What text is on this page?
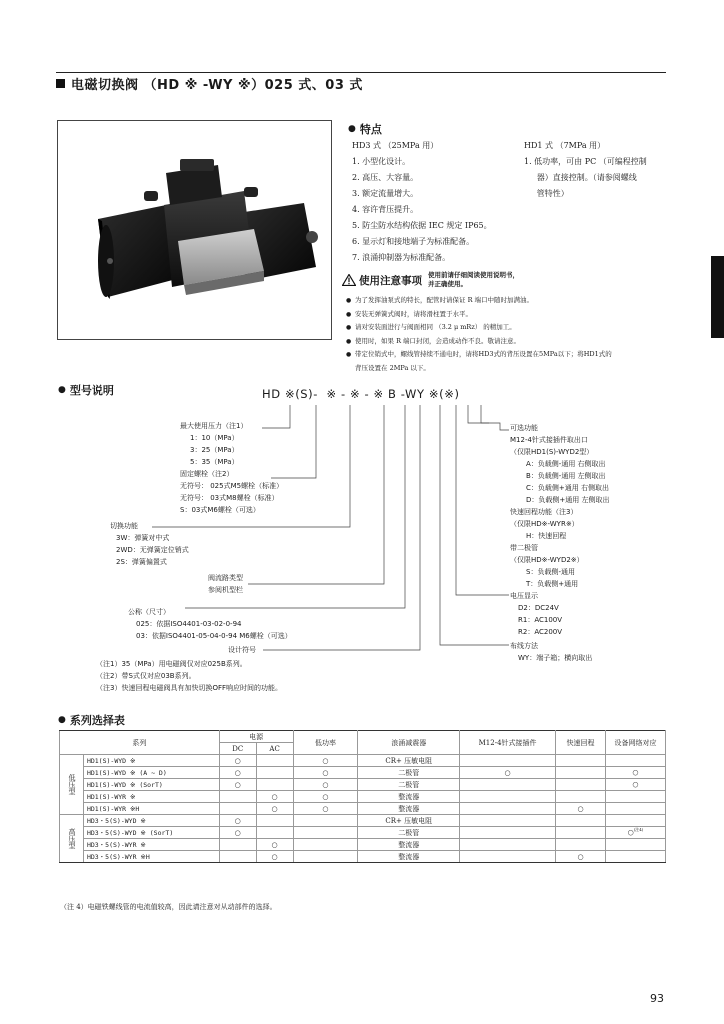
电磁切换阀 （HD ※ -WY ※）025 式、03 式
● 特点
HD3 式 （25MPa 用）
1. 小型化设计。
2. 高压、大容量。
3. 额定流量增大。
4. 容许背压提升。
5. 防尘防水结构依据 IEC 规定 IP65。
6. 显示灯和接地端子为标准配备。
7. 浪涌抑制器为标准配备。
HD1 式 （7MPa 用）
1. 低功率，可由 PC （可编程控制
器）直接控制。（请参阅螺线
管特性）
使用注意事项 使用前请仔细阅读使用说明书，
并正确使用。
● 为了发挥油泵式的特长，配管时请保证 R 端口中随时加满油。
● 安装无弹簧式阀时，请将滑柱置于水平。
● 请对安装面进行与阀面相同 （3.2 μ mRz） 的精加工。
● 使用时，如果 R 端口封闭，会造成动作不良。敬请注意。
● 带定位销式中，螺线管持续不通电时，请将HD3式的背压设置在5MPa以下；将HD1式的
背压设置在 2MPa 以下。
● 型号说明	HD ※(S)-  ※ - ※ - ※ B -WY ※(※)
最大使用压力（注1）
1：10（MPa）
3：25（MPa）
5：35（MPa）
固定螺栓（注2）
无符号： 025式M5螺栓（标准）
无符号： 03式M8螺栓（标准）
S：03式M6螺栓（可选）
切换功能
3W：弹簧对中式
2WD：无弹簧定位销式
2S：弹簧偏置式
阀流路类型
参阅机型栏
公称（尺寸）
025：依据ISO4401-03-02-0-94
03：依据ISO4401-05-04-0-94 M6螺栓（可选）
设计符号
（注1）35（MPa）用电磁阀仅对应025B系列。
（注2）带S式仅对应03B系列。
（注3）快速回程电磁阀具有加快切换OFF响应时间的功能。
可选功能
M12-4针式接插件取出口
（仅限HD1(S)-WYD2型）
A：负载侧-通用 右侧取出
B：负载侧-通用 左侧取出
C：负载侧+通用 右侧取出
D：负载侧+通用 左侧取出
快速回程功能（注3）
（仅限HD※-WYR※）
H：快速回程
带二极管
（仅限HD※-WYD2※）
S：负载侧-通用
T：负载侧+通用
电压显示
D2：DC24V
R1：AC100V
R2：AC200V
布线方法
WY：端子箱；横向取出
● 系列选择表
系列		电源		低功率	浪涌减震器	M12-4针式接插件	快速回程	设备网络对应
		DC	AC					
低压型	HD1(S)-WYD ※	○		○	CR+ 压敏电阻			
	HD1(S)-WYD ※ (A ~ D)	○		○	二极管	○		○
	HD1(S)-WYD ※ (SorT)	○		○	二极管			○
	HD1(S)-WYR ※		○	○	整流器			
	HD1(S)-WYR ※H		○	○	整流器		○	
高压型	HD3・5(S)-WYD ※	○			CR+ 压敏电阻			
	HD3・5(S)-WYD ※ (SorT)	○			二极管			○$^{(注4)}$
	HD3・5(S)-WYR ※		○		整流器			
	HD3・5(S)-WYR ※H		○		整流器		○	
（注 4）电磁铁螺线管的电流值较高，因此请注意对从动部件的选择。
93
